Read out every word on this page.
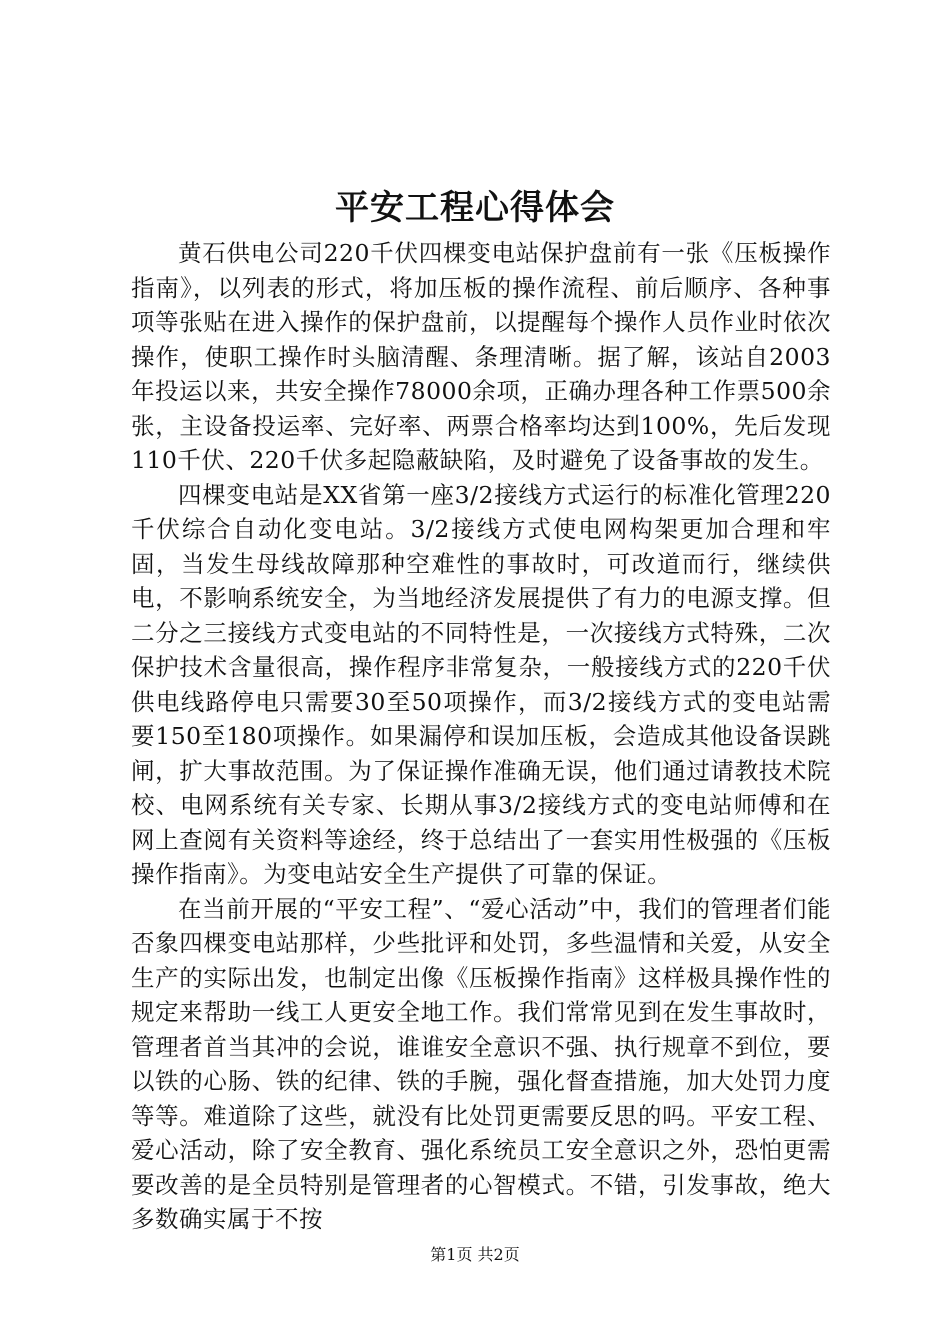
平安工程心得体会

黄石供电公司220千伏四棵变电站保护盘前有一张《压板操作指南》，以列表的形式，将加压板的操作流程、前后顺序、各种事项等张贴在进入操作的保护盘前，以提醒每个操作人员作业时依次操作，使职工操作时头脑清醒、条理清晰。据了解，该站自2003年投运以来，共安全操作78000余项，正确办理各种工作票500余张，主设备投运率、完好率、两票合格率均达到100%，先后发现110千伏、220千伏多起隐蔽缺陷，及时避免了设备事故的发生。

四棵变电站是XX省第一座3/2接线方式运行的标准化管理220千伏综合自动化变电站。3/2接线方式使电网构架更加合理和牢固，当发生母线故障那种空难性的事故时，可改道而行，继续供电，不影响系统安全，为当地经济发展提供了有力的电源支撑。但二分之三接线方式变电站的不同特性是，一次接线方式特殊，二次保护技术含量很高，操作程序非常复杂，一般接线方式的220千伏供电线路停电只需要30至50项操作，而3/2接线方式的变电站需要150至180项操作。如果漏停和误加压板，会造成其他设备误跳闸，扩大事故范围。为了保证操作准确无误，他们通过请教技术院校、电网系统有关专家、长期从事3/2接线方式的变电站师傅和在网上查阅有关资料等途经，终于总结出了一套实用性极强的《压板操作指南》。为变电站安全生产提供了可靠的保证。

在当前开展的“平安工程”、“爱心活动”中，我们的管理者们能否象四棵变电站那样，少些批评和处罚，多些温情和关爱，从安全生产的实际出发，也制定出像《压板操作指南》这样极具操作性的规定来帮助一线工人更安全地工作。我们常常见到在发生事故时，管理者首当其冲的会说，谁谁安全意识不强、执行规章不到位，要以铁的心肠、铁的纪律、铁的手腕，强化督查措施，加大处罚力度等等。难道除了这些，就没有比处罚更需要反思的吗。平安工程、爱心活动，除了安全教育、强化系统员工安全意识之外，恐怕更需要改善的是全员特别是管理者的心智模式。不错，引发事故，绝大多数确实属于不按

第1页 共2页
